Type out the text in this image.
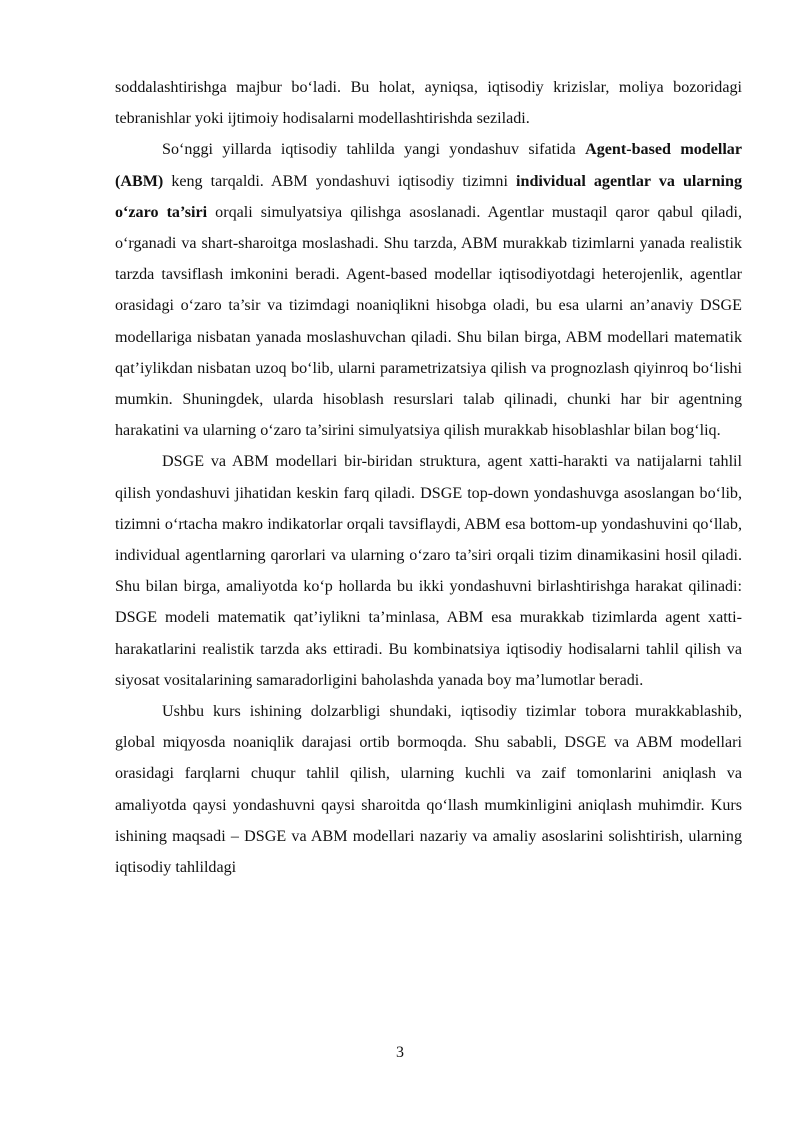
soddalashtirishga majbur bo‘ladi. Bu holat, ayniqsa, iqtisodiy krizislar, moliya bozoridagi tebranishlar yoki ijtimoiy hodisalarni modellashtirishda seziladi.

So‘nggi yillarda iqtisodiy tahlilda yangi yondashuv sifatida Agent-based modellar (ABM) keng tarqaldi. ABM yondashuvi iqtisodiy tizimni individual agentlar va ularning o‘zaro ta’siri orqali simulyatsiya qilishga asoslanadi. Agentlar mustaqil qaror qabul qiladi, o‘rganadi va shart-sharoitga moslashadi. Shu tarzda, ABM murakkab tizimlarni yanada realistik tarzda tavsiflash imkonini beradi. Agent-based modellar iqtisodiyotdagi heterojenlik, agentlar orasidagi o‘zaro ta’sir va tizimdagi noaniqlikni hisobga oladi, bu esa ularni an’anaviy DSGE modellariga nisbatan yanada moslashuvchan qiladi. Shu bilan birga, ABM modellari matematik qat’iylikdan nisbatan uzoq bo‘lib, ularni parametrizatsiya qilish va prognozlash qiyinroq bo‘lishi mumkin. Shuningdek, ularda hisoblash resurslari talab qilinadi, chunki har bir agentning harakatini va ularning o‘zaro ta’sirini simulyatsiya qilish murakkab hisoblashlar bilan bog‘liq.

DSGE va ABM modellari bir-biridan struktura, agent xatti-harakti va natijalarni tahlil qilish yondashuvi jihatidan keskin farq qiladi. DSGE top-down yondashuvga asoslangan bo‘lib, tizimni o‘rtacha makro indikatorlar orqali tavsiflaydi, ABM esa bottom-up yondashuvini qo‘llab, individual agentlarning qarorlari va ularning o‘zaro ta’siri orqali tizim dinamikasini hosil qiladi. Shu bilan birga, amaliyotda ko‘p hollarda bu ikki yondashuvni birlashtirishga harakat qilinadi: DSGE modeli matematik qat’iylikni ta’minlasa, ABM esa murakkab tizimlarda agent xatti-harakatlarini realistik tarzda aks ettiradi. Bu kombinatsiya iqtisodiy hodisalarni tahlil qilish va siyosat vositalarining samaradorligini baholashda yanada boy ma’lumotlar beradi.

Ushbu kurs ishining dolzarbligi shundaki, iqtisodiy tizimlar tobora murakkablashib, global miqyosda noaniqlik darajasi ortib bormoqda. Shu sababli, DSGE va ABM modellari orasidagi farqlarni chuqur tahlil qilish, ularning kuchli va zaif tomonlarini aniqlash va amaliyotda qaysi yondashuvni qaysi sharoitda qo‘llash mumkinligini aniqlash muhimdir. Kurs ishining maqsadi – DSGE va ABM modellari nazariy va amaliy asoslarini solishtirish, ularning iqtisodiy tahlildagi

3
